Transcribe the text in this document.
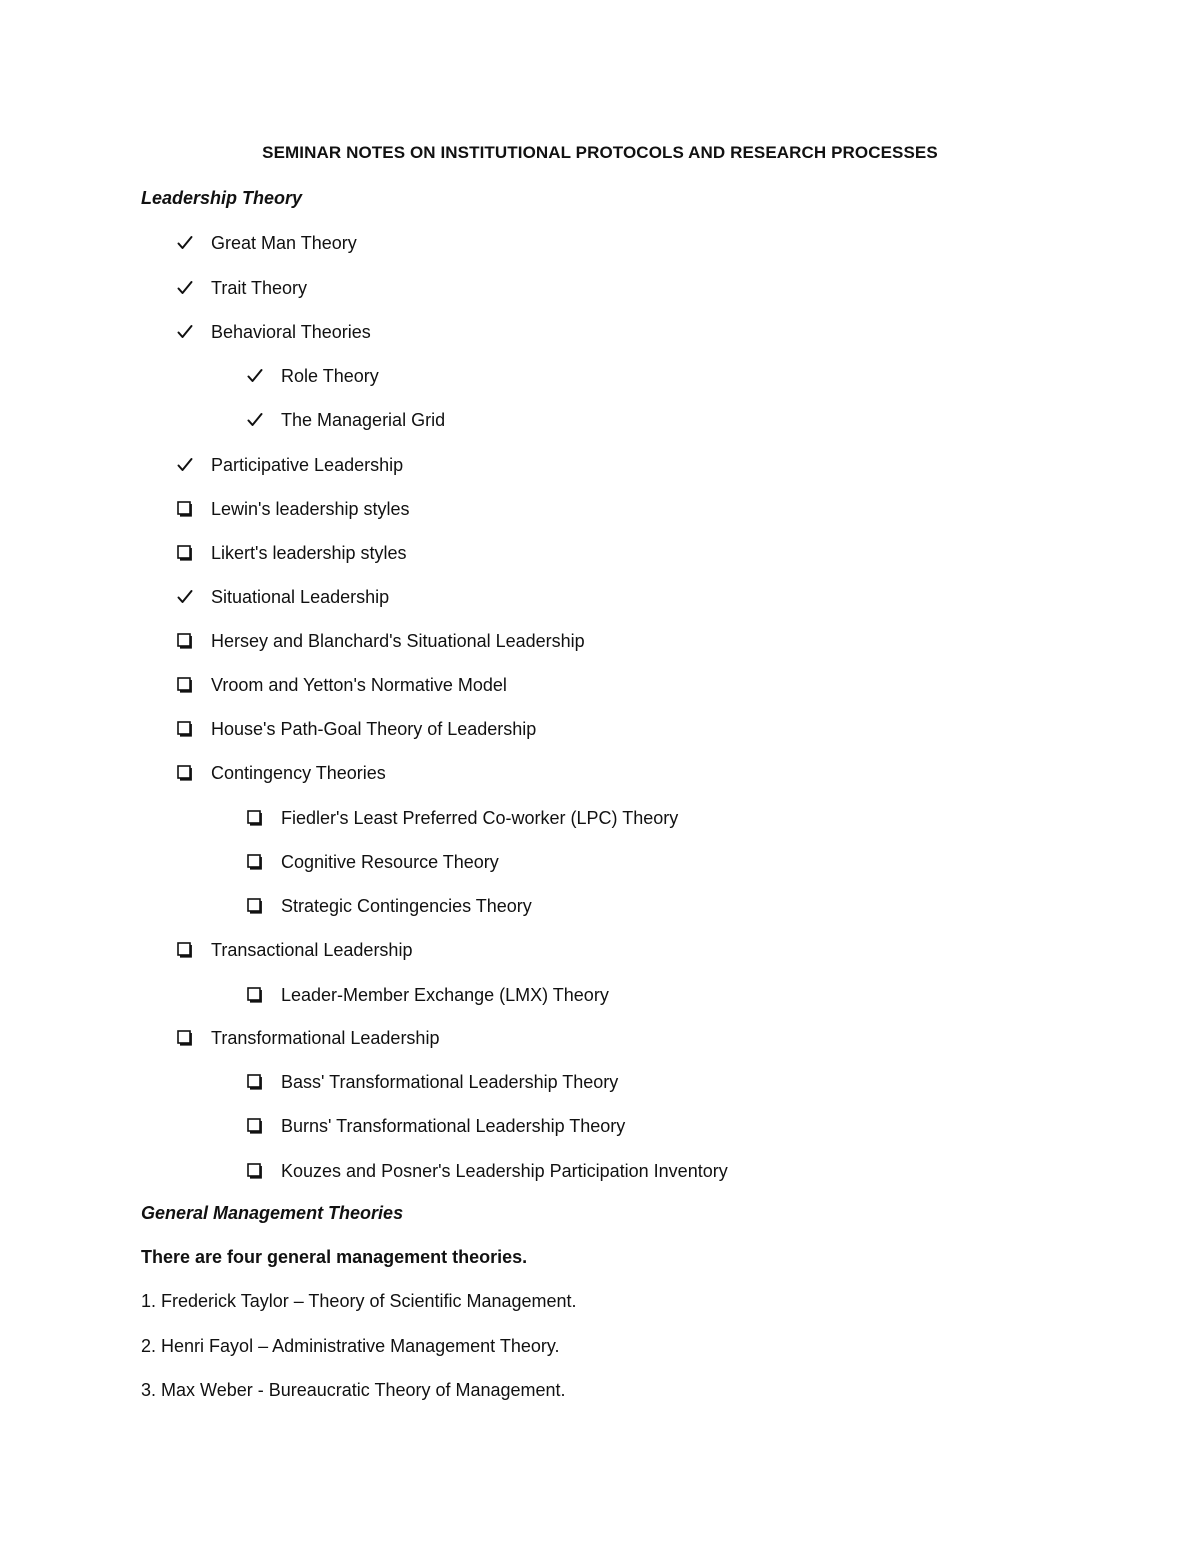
SEMINAR NOTES ON INSTITUTIONAL PROTOCOLS AND RESEARCH PROCESSES
Leadership Theory
Great Man Theory
Trait Theory
Behavioral Theories
Role Theory
The Managerial Grid
Participative Leadership
Lewin's leadership styles
Likert's leadership styles
Situational Leadership
Hersey and Blanchard's Situational Leadership
Vroom and Yetton's Normative Model
House's Path-Goal Theory of Leadership
Contingency Theories
Fiedler's Least Preferred Co-worker (LPC) Theory
Cognitive Resource Theory
Strategic Contingencies Theory
Transactional Leadership
Leader-Member Exchange (LMX) Theory
Transformational Leadership
Bass' Transformational Leadership Theory
Burns' Transformational Leadership Theory
Kouzes and Posner's Leadership Participation Inventory
General Management Theories
There are four general management theories.
1. Frederick Taylor – Theory of Scientific Management.
2. Henri Fayol – Administrative Management Theory.
3. Max Weber - Bureaucratic Theory of Management.
